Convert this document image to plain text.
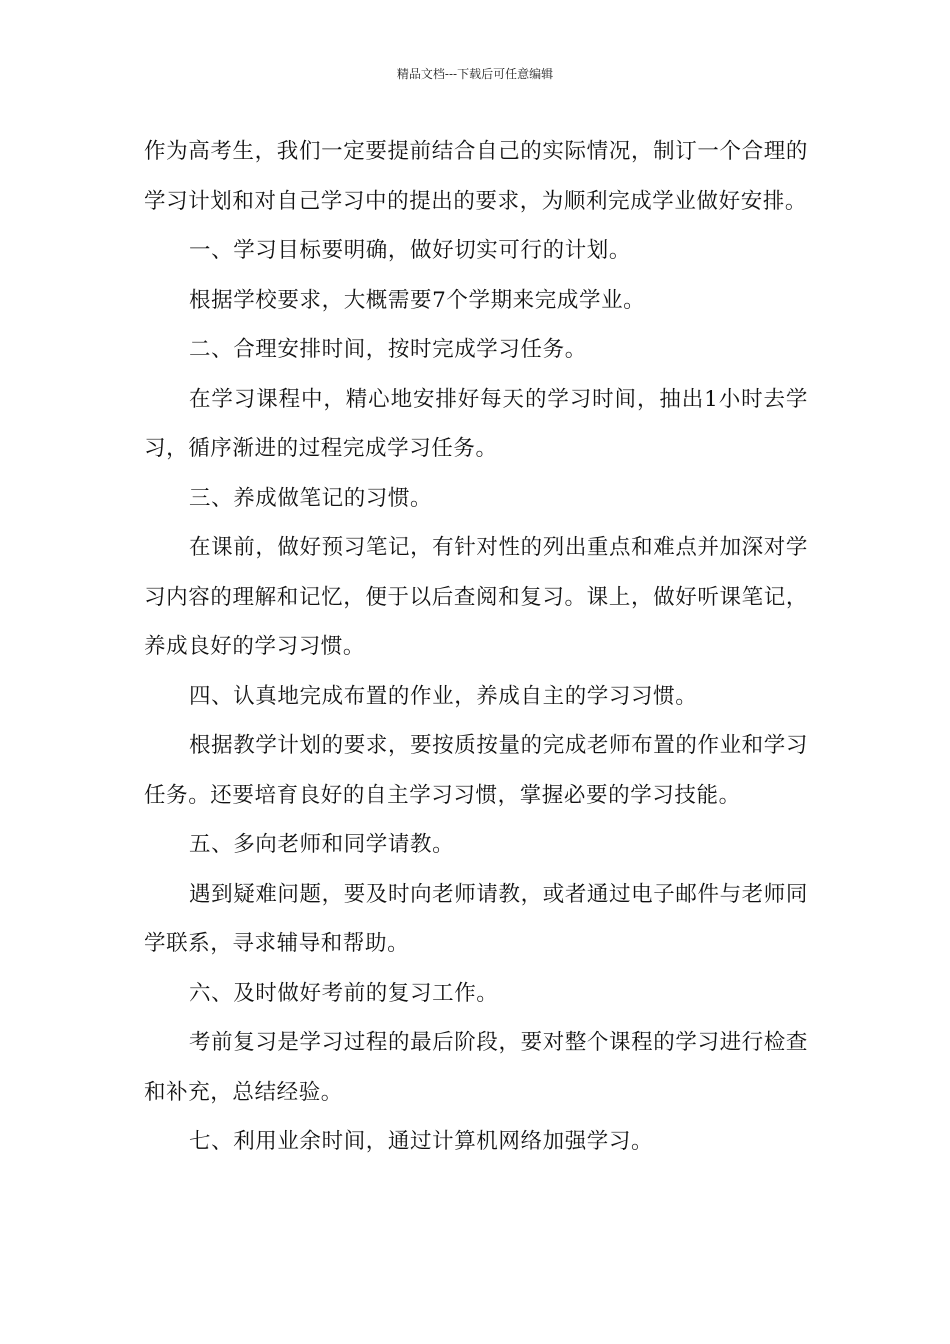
精品文档---下载后可任意编辑

作为高考生，我们一定要提前结合自己的实际情况，制订一个合理的学习计划和对自己学习中的提出的要求，为顺利完成学业做好安排。

一、学习目标要明确，做好切实可行的计划。

根据学校要求，大概需要7个学期来完成学业。

二、合理安排时间，按时完成学习任务。

在学习课程中，精心地安排好每天的学习时间，抽出1小时去学习，循序渐进的过程完成学习任务。

三、养成做笔记的习惯。

在课前，做好预习笔记，有针对性的列出重点和难点并加深对学习内容的理解和记忆，便于以后查阅和复习。课上，做好听课笔记，养成良好的学习习惯。

四、认真地完成布置的作业，养成自主的学习习惯。

根据教学计划的要求，要按质按量的完成老师布置的作业和学习任务。还要培育良好的自主学习习惯，掌握必要的学习技能。

五、多向老师和同学请教。

遇到疑难问题，要及时向老师请教，或者通过电子邮件与老师同学联系，寻求辅导和帮助。

六、及时做好考前的复习工作。

考前复习是学习过程的最后阶段，要对整个课程的学习进行检查和补充，总结经验。

七、利用业余时间，通过计算机网络加强学习。
